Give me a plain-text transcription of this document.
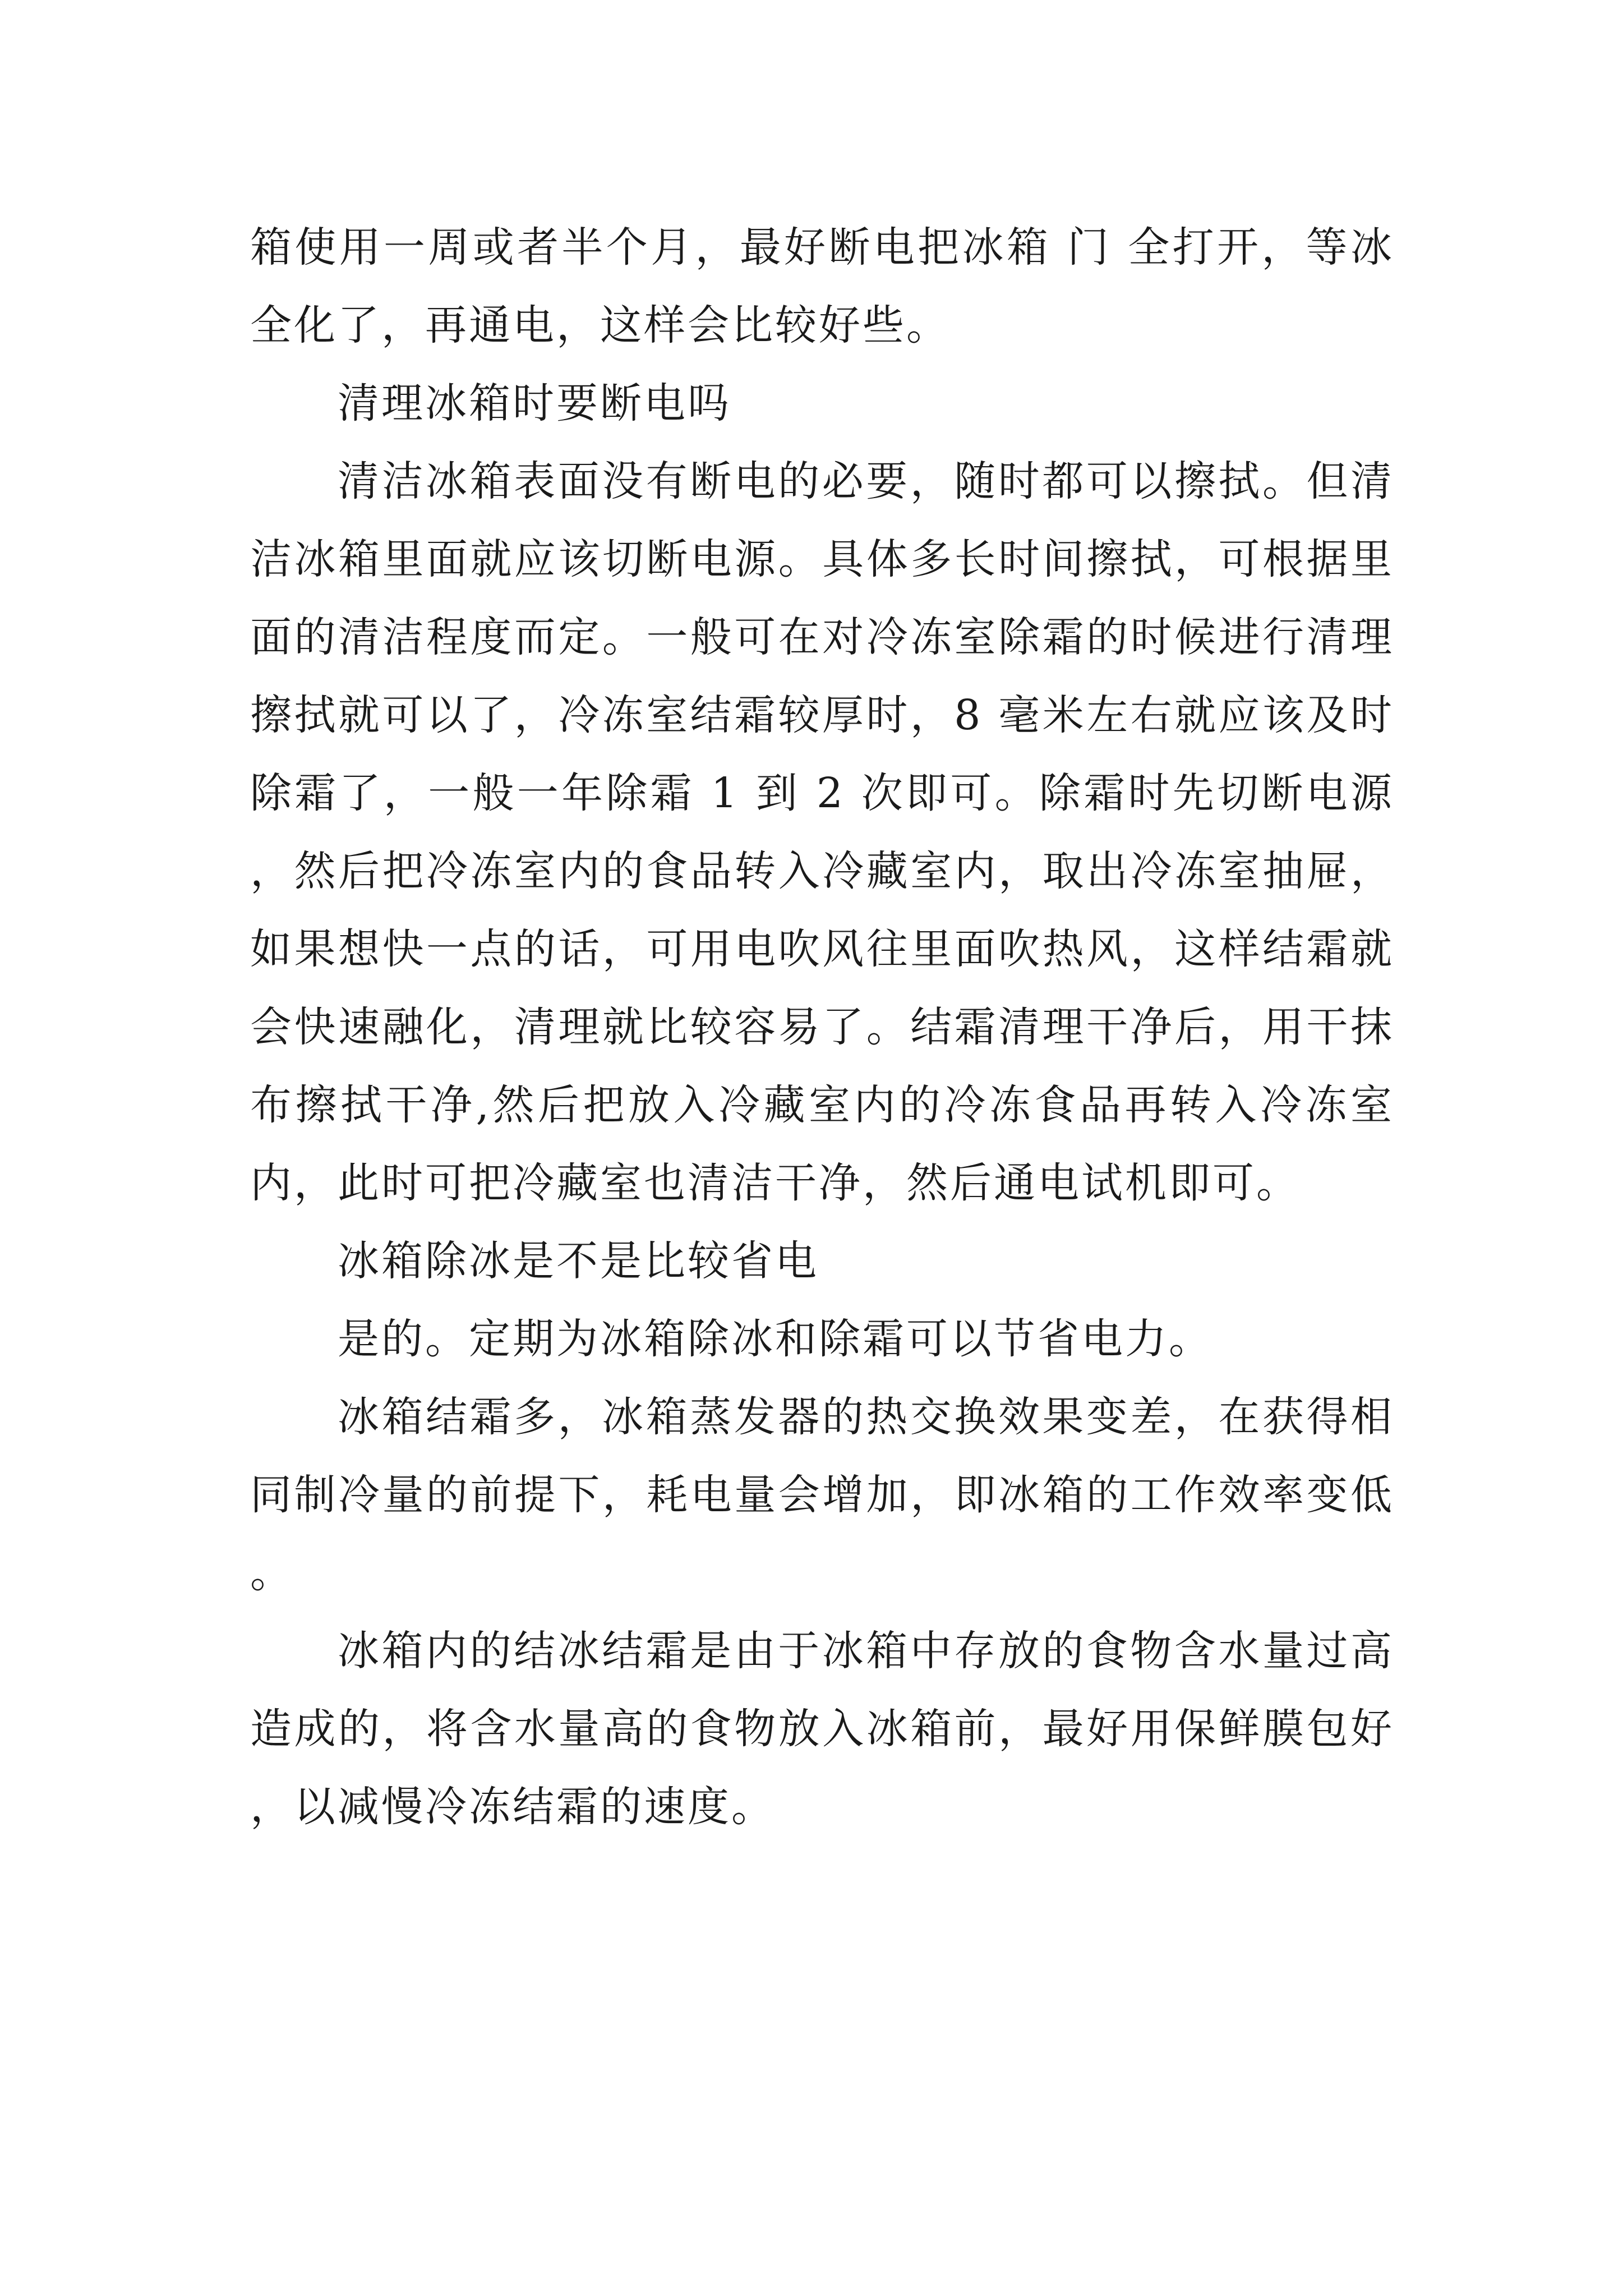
箱使用一周或者半个月，最好断电把冰箱 门 全打开，等冰全化了，再通电，这样会比较好些。

清理冰箱时要断电吗

清洁冰箱表面没有断电的必要，随时都可以擦拭。但清洁冰箱里面就应该切断电源。具体多长时间擦拭，可根据里面的清洁程度而定。一般可在对冷冻室除霜的时候进行清理擦拭就可以了，冷冻室结霜较厚时，8 毫米左右就应该及时除霜了，一般一年除霜 1 到 2 次即可。除霜时先切断电源，然后把冷冻室内的食品转入冷藏室内，取出冷冻室抽屉，如果想快一点的话，可用电吹风往里面吹热风，这样结霜就会快速融化，清理就比较容易了。结霜清理干净后，用干抹布擦拭干净,然后把放入冷藏室内的冷冻食品再转入冷冻室内，此时可把冷藏室也清洁干净，然后通电试机即可。

冰箱除冰是不是比较省电

是的。定期为冰箱除冰和除霜可以节省电力。

冰箱结霜多，冰箱蒸发器的热交换效果变差，在获得相同制冷量的前提下，耗电量会增加，即冰箱的工作效率变低。

冰箱内的结冰结霜是由于冰箱中存放的食物含水量过高造成的，将含水量高的食物放入冰箱前，最好用保鲜膜包好，以减慢冷冻结霜的速度。
